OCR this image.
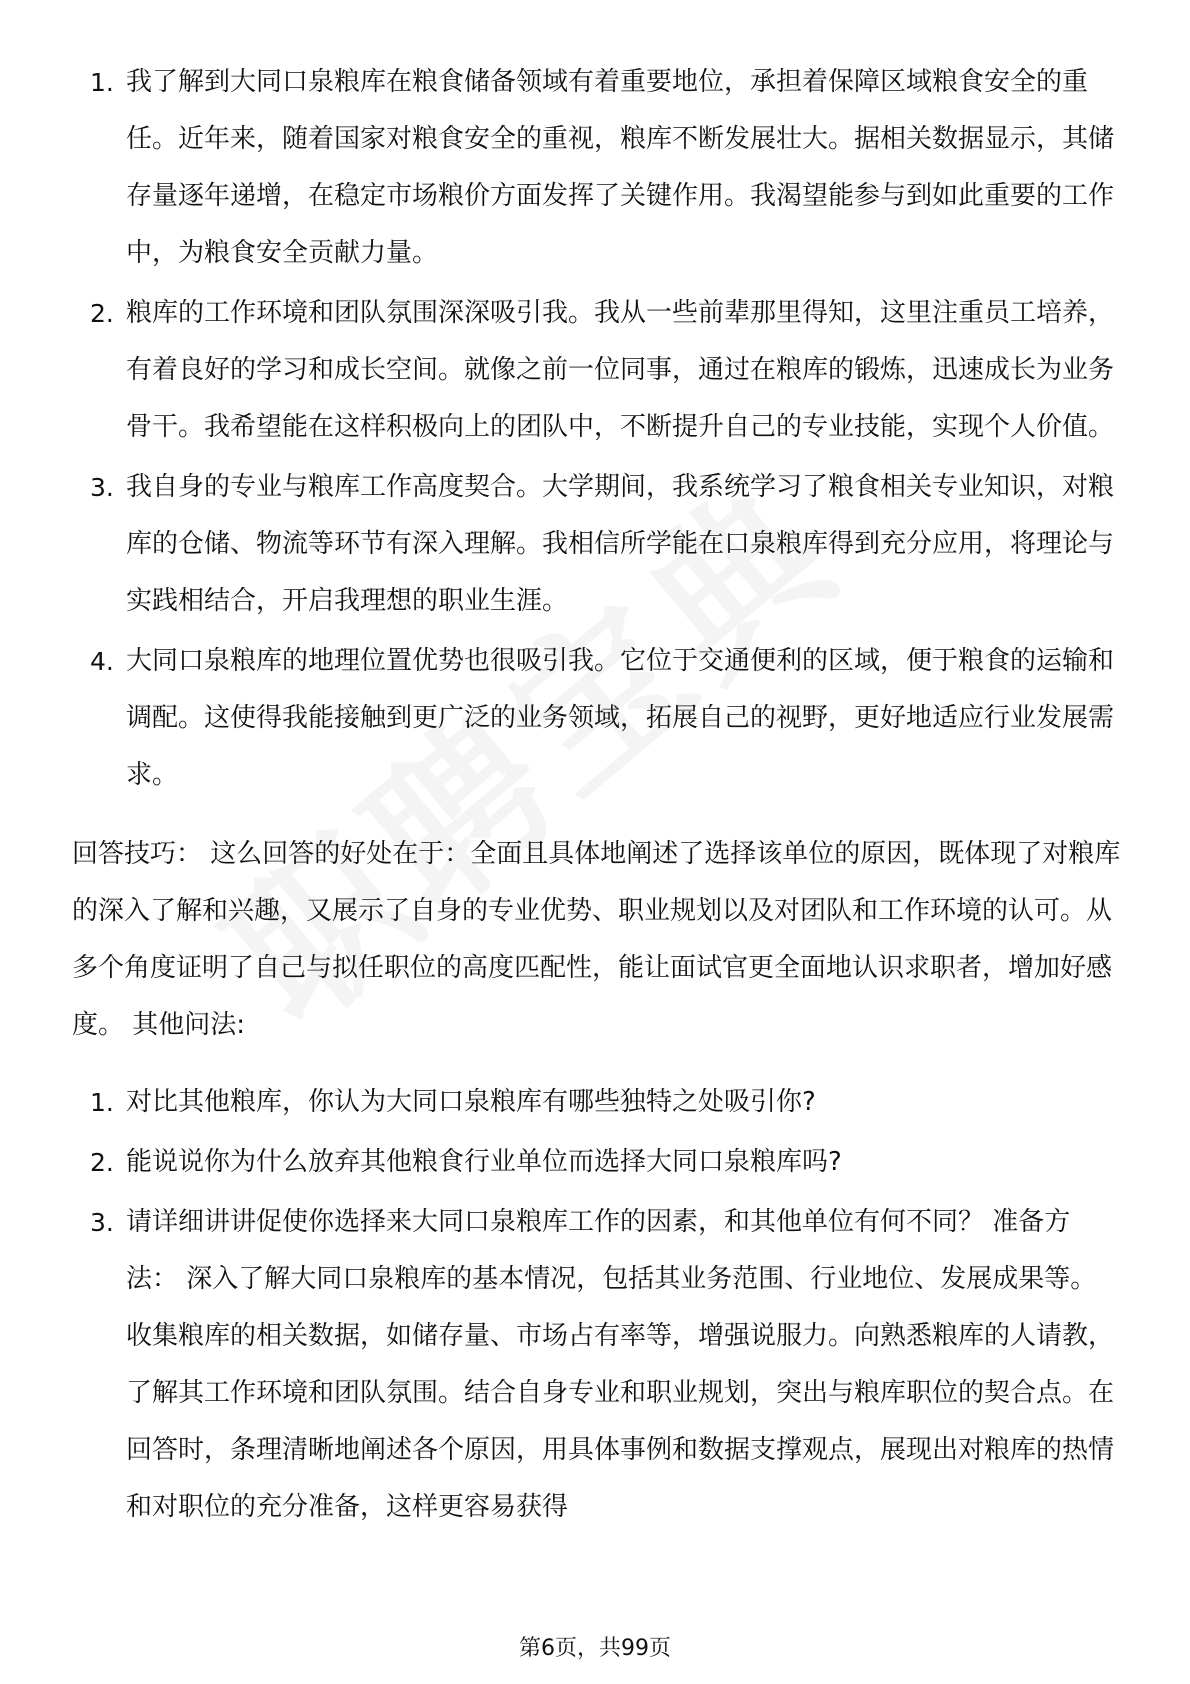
1. 我了解到大同口泉粮库在粮食储备领域有着重要地位，承担着保障区域粮食安全的重任。近年来，随着国家对粮食安全的重视，粮库不断发展壮大。据相关数据显示，其储存量逐年递增，在稳定市场粮价方面发挥了关键作用。我渴望能参与到如此重要的工作中，为粮食安全贡献力量。
2. 粮库的工作环境和团队氛围深深吸引我。我从一些前辈那里得知，这里注重员工培养，有着良好的学习和成长空间。就像之前一位同事，通过在粮库的锻炼，迅速成长为业务骨干。我希望能在这样积极向上的团队中，不断提升自己的专业技能，实现个人价值。
3. 我自身的专业与粮库工作高度契合。大学期间，我系统学习了粮食相关专业知识，对粮库的仓储、物流等环节有深入理解。我相信所学能在口泉粮库得到充分应用，将理论与实践相结合，开启我理想的职业生涯。
4. 大同口泉粮库的地理位置优势也很吸引我。它位于交通便利的区域，便于粮食的运输和调配。这使得我能接触到更广泛的业务领域，拓展自己的视野，更好地适应行业发展需求。

回答技巧： 这么回答的好处在于：全面且具体地阐述了选择该单位的原因，既体现了对粮库的深入了解和兴趣，又展示了自身的专业优势、职业规划以及对团队和工作环境的认可。从多个角度证明了自己与拟任职位的高度匹配性，能让面试官更全面地认识求职者，增加好感度。 其他问法:

1. 对比其他粮库，你认为大同口泉粮库有哪些独特之处吸引你?
2. 能说说你为什么放弃其他粮食行业单位而选择大同口泉粮库吗?
3. 请详细讲讲促使你选择来大同口泉粮库工作的因素，和其他单位有何不同？ 准备方法： 深入了解大同口泉粮库的基本情况，包括其业务范围、行业地位、发展成果等。收集粮库的相关数据，如储存量、市场占有率等，增强说服力。向熟悉粮库的人请教，了解其工作环境和团队氛围。结合自身专业和职业规划，突出与粮库职位的契合点。在回答时，条理清晰地阐述各个原因，用具体事例和数据支撑观点，展现出对粮库的热情和对职位的充分准备，这样更容易获得
第6页，共99页
